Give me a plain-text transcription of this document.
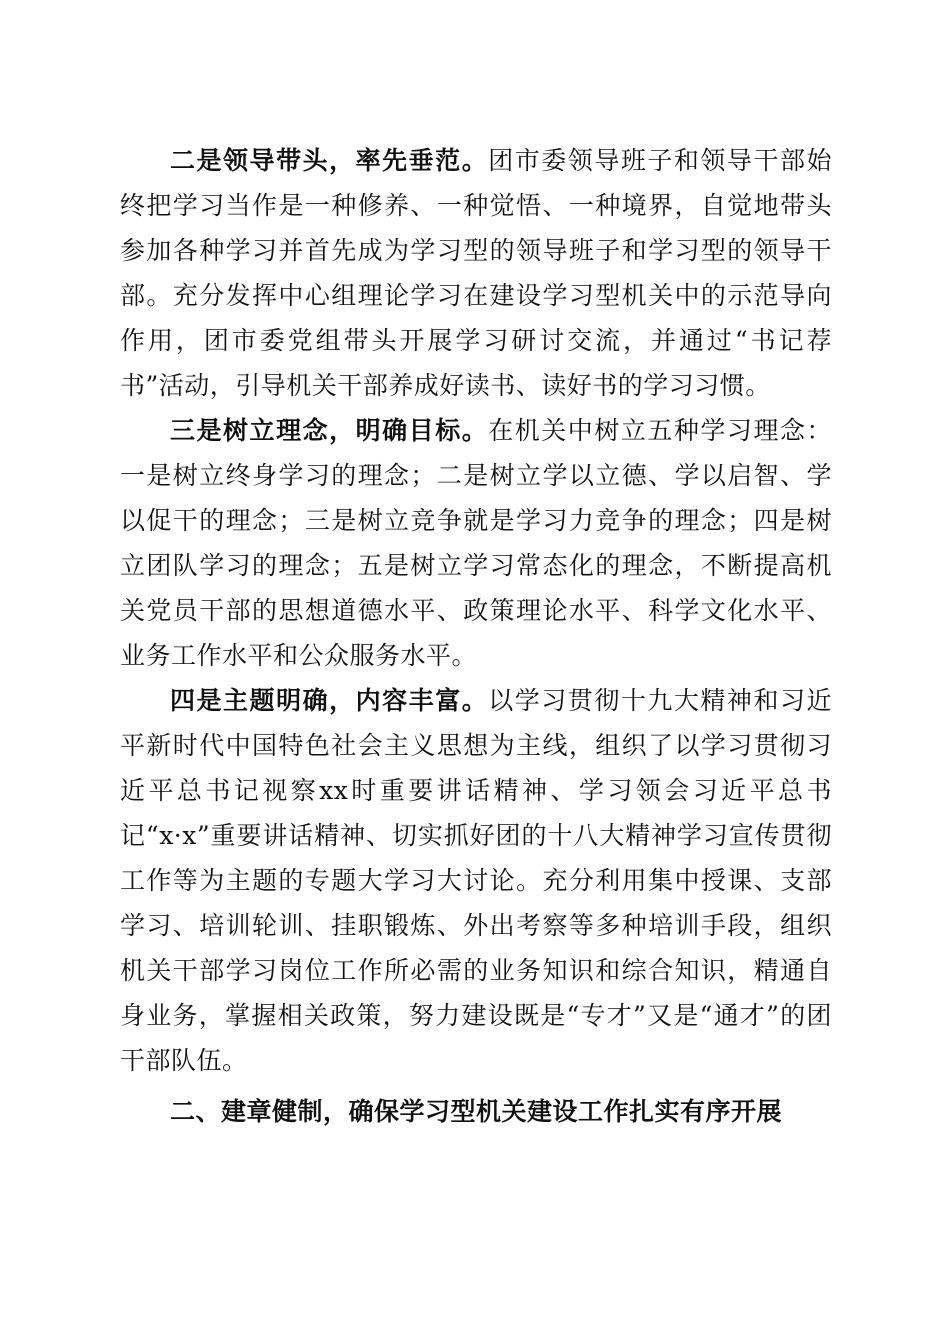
二是领导带头，率先垂范。团市委领导班子和领导干部始终把学习当作是一种修养、一种觉悟、一种境界，自觉地带头参加各种学习并首先成为学习型的领导班子和学习型的领导干部。充分发挥中心组理论学习在建设学习型机关中的示范导向作用，团市委党组带头开展学习研讨交流，并通过“书记荐书”活动，引导机关干部养成好读书、读好书的学习习惯。

三是树立理念，明确目标。在机关中树立五种学习理念：一是树立终身学习的理念；二是树立学以立德、学以启智、学以促干的理念；三是树立竞争就是学习力竞争的理念；四是树立团队学习的理念；五是树立学习常态化的理念，不断提高机关党员干部的思想道德水平、政策理论水平、科学文化水平、业务工作水平和公众服务水平。

四是主题明确，内容丰富。以学习贯彻十九大精神和习近平新时代中国特色社会主义思想为主线，组织了以学习贯彻习近平总书记视察xx时重要讲话精神、学习领会习近平总书记“x·x”重要讲话精神、切实抓好团的十八大精神学习宣传贯彻工作等为主题的专题大学习大讨论。充分利用集中授课、支部学习、培训轮训、挂职锻炼、外出考察等多种培训手段，组织机关干部学习岗位工作所必需的业务知识和综合知识，精通自身业务，掌握相关政策，努力建设既是“专才”又是“通才”的团干部队伍。

二、建章健制，确保学习型机关建设工作扎实有序开展
